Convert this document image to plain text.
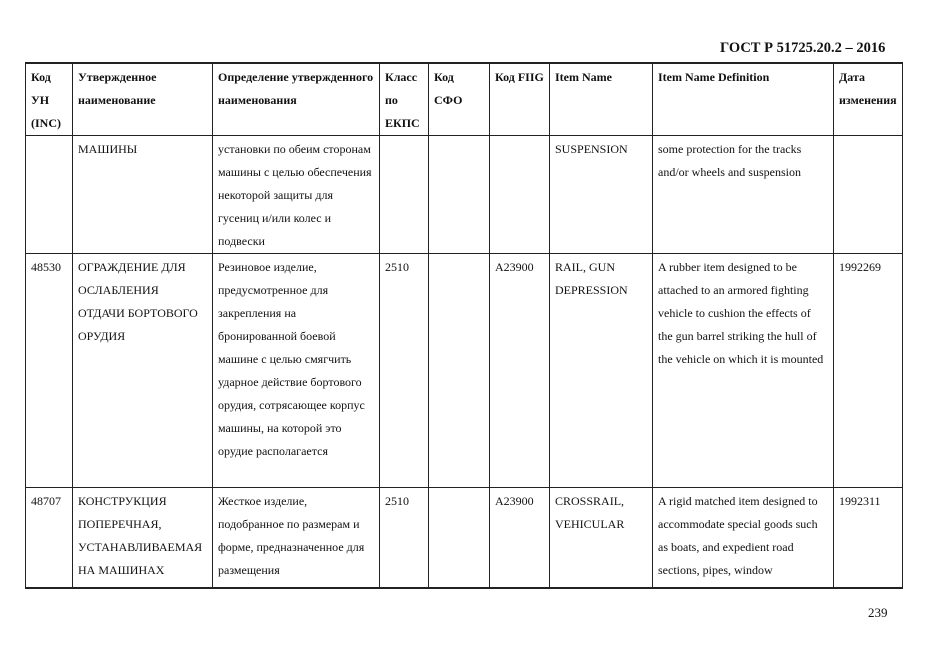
ГОСТ Р 51725.20.2 – 2016
Код УН (INC)	Утвержденное наименование	Определение утвержденного наименования	Класс по ЕКПС	Код СФО	Код FIIG	Item Name	Item Name Definition	Дата изменения
	МАШИНЫ	установки по обеим сторонам машины с целью обеспечения некоторой защиты для гусениц и/или колес и подвески				SUSPENSION	some protection for the tracks and/or wheels and suspension	
48530	ОГРАЖДЕНИЕ ДЛЯ ОСЛАБЛЕНИЯ ОТДАЧИ БОРТОВОГО ОРУДИЯ	Резиновое изделие, предусмотренное для закрепления на бронированной боевой машине с целью смягчить ударное действие бортового орудия, сотрясающее корпус машины, на которой это орудие располагается	2510		A23900	RAIL, GUN DEPRESSION	A rubber item designed to be attached to an armored fighting vehicle to cushion the effects of the gun barrel striking the hull of the vehicle on which it is mounted	1992269
48707	КОНСТРУКЦИЯ ПОПЕРЕЧНАЯ, УСТАНАВЛИВАЕМАЯ НА МАШИНАХ	Жесткое изделие, подобранное по размерам и форме, предназначенное для размещения	2510		A23900	CROSSRAIL, VEHICULAR	A rigid matched item designed to accommodate special goods such as boats, and expedient road sections, pipes, window	1992311
239
